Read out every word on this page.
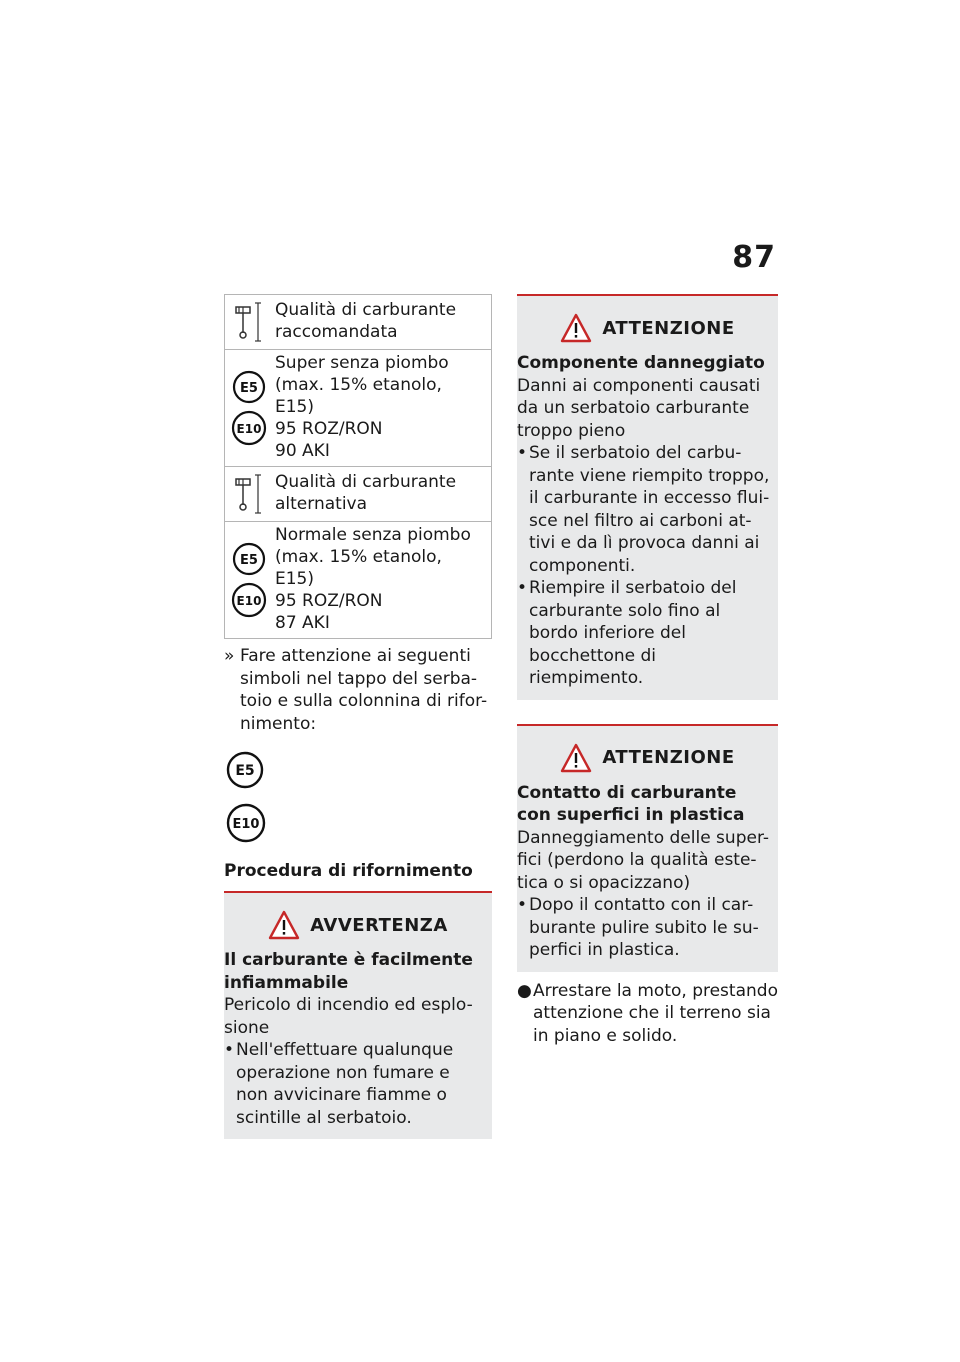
87
Qualità di carburante
raccomandata
E5
E10
Super senza piombo
(max. 15% etanolo,
E15)
95 ROZ/RON
90 AKI
Qualità di carburante
alternativa
E5
E10
Normale senza piombo
(max. 15% etanolo,
E15)
95 ROZ/RON
87 AKI
» Fare attenzione ai seguenti simboli nel tappo del serba-toio e sulla colonnina di rifor-nimento:
E5
E10
Procedura di rifornimento
AVVERTENZA
Il carburante è facilmente infiammabile
Pericolo di incendio ed esplo-sione
• Nell'effettuare qualunque operazione non fumare e non avvicinare fiamme o scintille al serbatoio.
ATTENZIONE
Componente danneggiato
Danni ai componenti causati da un serbatoio carburante troppo pieno
• Se il serbatoio del carbu-rante viene riempito troppo, il carburante in eccesso flui-sce nel filtro ai carboni at-tivi e da lì provoca danni ai componenti.
• Riempire il serbatoio del carburante solo fino al bordo inferiore del bocchettone di riempimento.
ATTENZIONE
Contatto di carburante con superfici in plastica
Danneggiamento delle super-fici (perdono la qualità este-tica o si opacizzano)
• Dopo il contatto con il car-burante pulire subito le su-perfici in plastica.
● Arrestare la moto, prestando attenzione che il terreno sia in piano e solido.
